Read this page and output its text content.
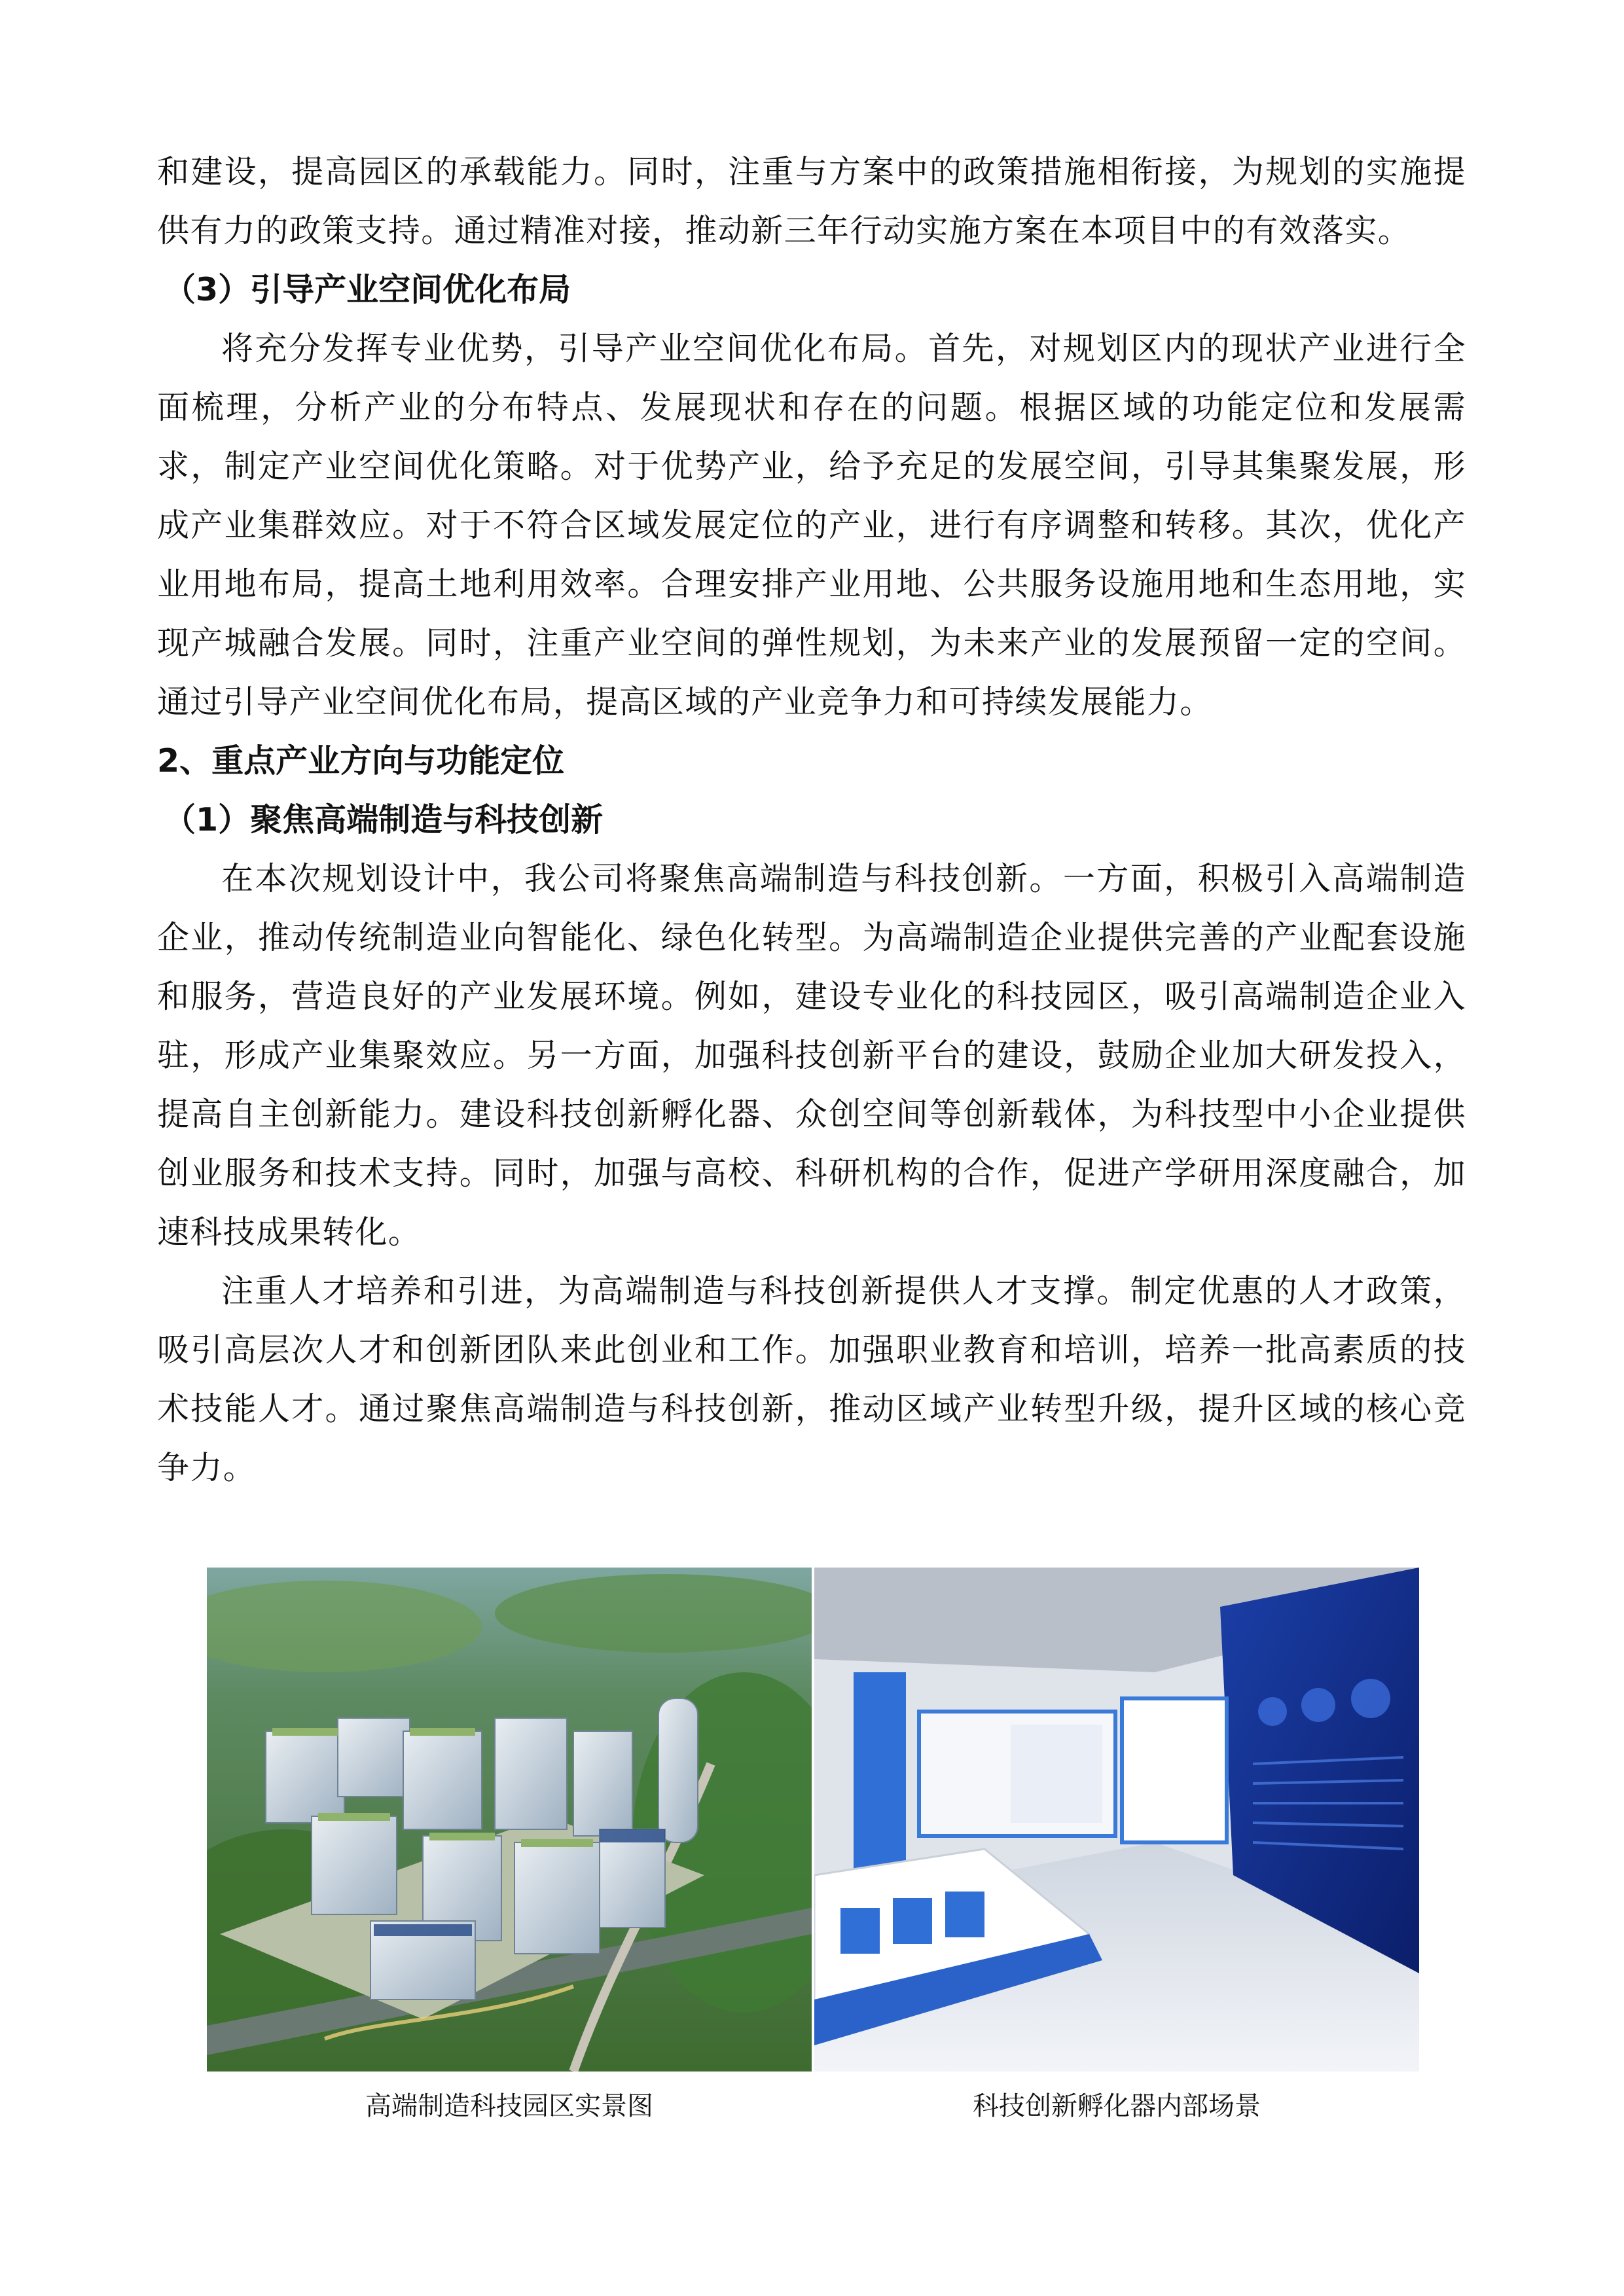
和建设，提高园区的承载能力。同时，注重与方案中的政策措施相衔接，为规划的实施提供有力的政策支持。通过精准对接，推动新三年行动实施方案在本项目中的有效落实。

（3）引导产业空间优化布局

将充分发挥专业优势，引导产业空间优化布局。首先，对规划区内的现状产业进行全面梳理，分析产业的分布特点、发展现状和存在的问题。根据区域的功能定位和发展需求，制定产业空间优化策略。对于优势产业，给予充足的发展空间，引导其集聚发展，形成产业集群效应。对于不符合区域发展定位的产业，进行有序调整和转移。其次，优化产业用地布局，提高土地利用效率。合理安排产业用地、公共服务设施用地和生态用地，实现产城融合发展。同时，注重产业空间的弹性规划，为未来产业的发展预留一定的空间。通过引导产业空间优化布局，提高区域的产业竞争力和可持续发展能力。

2、重点产业方向与功能定位

（1）聚焦高端制造与科技创新

在本次规划设计中，我公司将聚焦高端制造与科技创新。一方面，积极引入高端制造企业，推动传统制造业向智能化、绿色化转型。为高端制造企业提供完善的产业配套设施和服务，营造良好的产业发展环境。例如，建设专业化的科技园区，吸引高端制造企业入驻，形成产业集聚效应。另一方面，加强科技创新平台的建设，鼓励企业加大研发投入，提高自主创新能力。建设科技创新孵化器、众创空间等创新载体，为科技型中小企业提供创业服务和技术支持。同时，加强与高校、科研机构的合作，促进产学研用深度融合，加速科技成果转化。

注重人才培养和引进，为高端制造与科技创新提供人才支撑。制定优惠的人才政策，吸引高层次人才和创新团队来此创业和工作。加强职业教育和培训，培养一批高素质的技术技能人才。通过聚焦高端制造与科技创新，推动区域产业转型升级，提升区域的核心竞争力。

高端制造科技园区实景图	科技创新孵化器内部场景
